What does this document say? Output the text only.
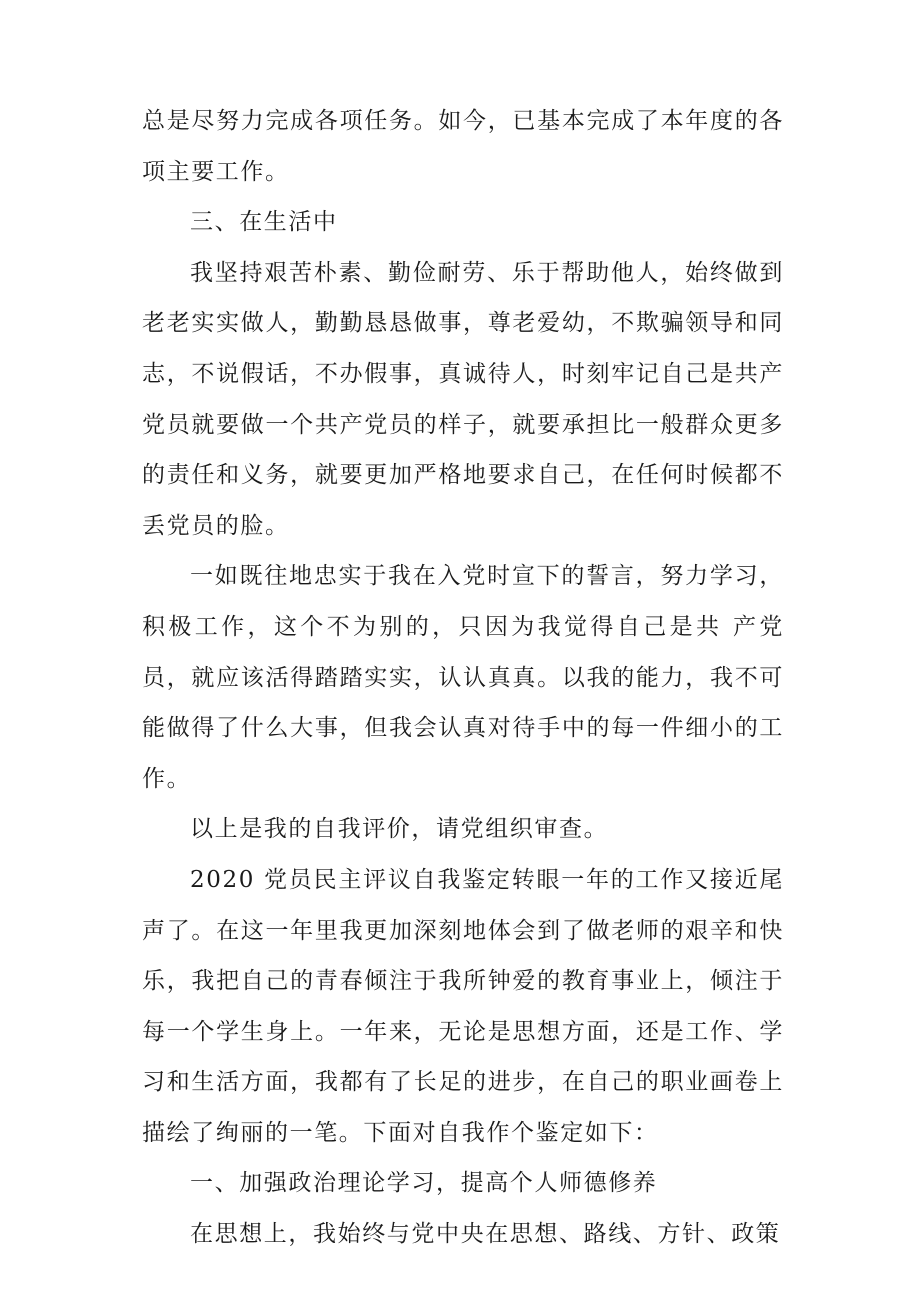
总是尽努力完成各项任务。如今，已基本完成了本年度的各项主要工作。

三、在生活中

我坚持艰苦朴素、勤俭耐劳、乐于帮助他人，始终做到老老实实做人，勤勤恳恳做事，尊老爱幼，不欺骗领导和同志，不说假话，不办假事，真诚待人，时刻牢记自己是共产党员就要做一个共产党员的样子，就要承担比一般群众更多的责任和义务，就要更加严格地要求自己，在任何时候都不丢党员的脸。

一如既往地忠实于我在入党时宣下的誓言，努力学习，积极工作，这个不为别的，只因为我觉得自己是共 产党员，就应该活得踏踏实实，认认真真。以我的能力，我不可能做得了什么大事，但我会认真对待手中的每一件细小的工作。

以上是我的自我评价，请党组织审查。

2020 党员民主评议自我鉴定转眼一年的工作又接近尾声了。在这一年里我更加深刻地体会到了做老师的艰辛和快乐，我把自己的青春倾注于我所钟爱的教育事业上，倾注于每一个学生身上。一年来，无论是思想方面，还是工作、学习和生活方面，我都有了长足的进步，在自己的职业画卷上描绘了绚丽的一笔。下面对自我作个鉴定如下：

一、加强政治理论学习，提高个人师德修养

在思想上，我始终与党中央在思想、路线、方针、政策
